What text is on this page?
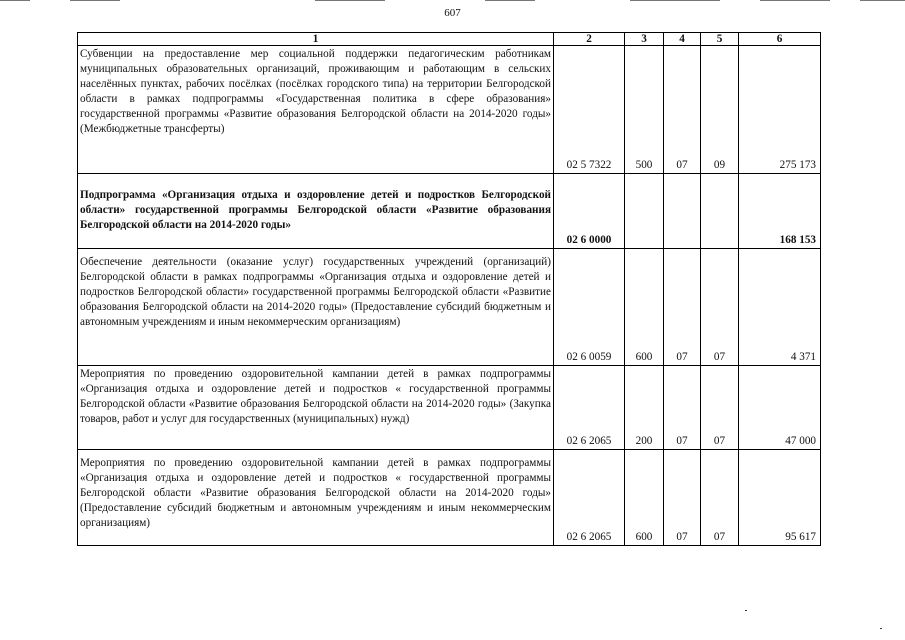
607
1	2	3	4	5	6
Субвенции на предоставление мер социальной поддержки педагогическим работникам муниципальных образовательных организаций, проживающим и работающим в сельских населённых пунктах, рабочих посёлках (посёлках городского типа) на территории Белгородской области в рамках подпрограммы «Государственная политика в сфере образования» государственной программы «Развитие образования Белгородской области на 2014-2020 годы» (Межбюджетные трансферты)	02 5 7322	500	07	09	275 173
Подпрограмма «Организация отдыха и оздоровление детей и подростков Белгородской области» государственной программы Белгородской области «Развитие образования Белгородской области на 2014-2020 годы»	02 6 0000				168 153
Обеспечение деятельности (оказание услуг) государственных учреждений (организаций) Белгородской области в рамках подпрограммы «Организация отдыха и оздоровление детей и подростков Белгородской области» государственной программы Белгородской области «Развитие образования Белгородской области на 2014-2020 годы» (Предоставление субсидий бюджетным и автономным учреждениям и иным некоммерческим организациям)	02 6 0059	600	07	07	4 371
Мероприятия по проведению оздоровительной кампании детей в рамках подпрограммы «Организация отдыха и оздоровление детей и подростков « государственной программы Белгородской области «Развитие образования Белгородской области на 2014-2020 годы» (Закупка товаров, работ и услуг для государственных (муниципальных) нужд)	02 6 2065	200	07	07	47 000
Мероприятия по проведению оздоровительной кампании детей в рамках подпрограммы «Организация отдыха и оздоровление детей и подростков « государственной программы Белгородской области «Развитие образования Белгородской области на 2014-2020 годы» (Предоставление субсидий бюджетным и автономным учреждениям и иным некоммерческим организациям)	02 6 2065	600	07	07	95 617
